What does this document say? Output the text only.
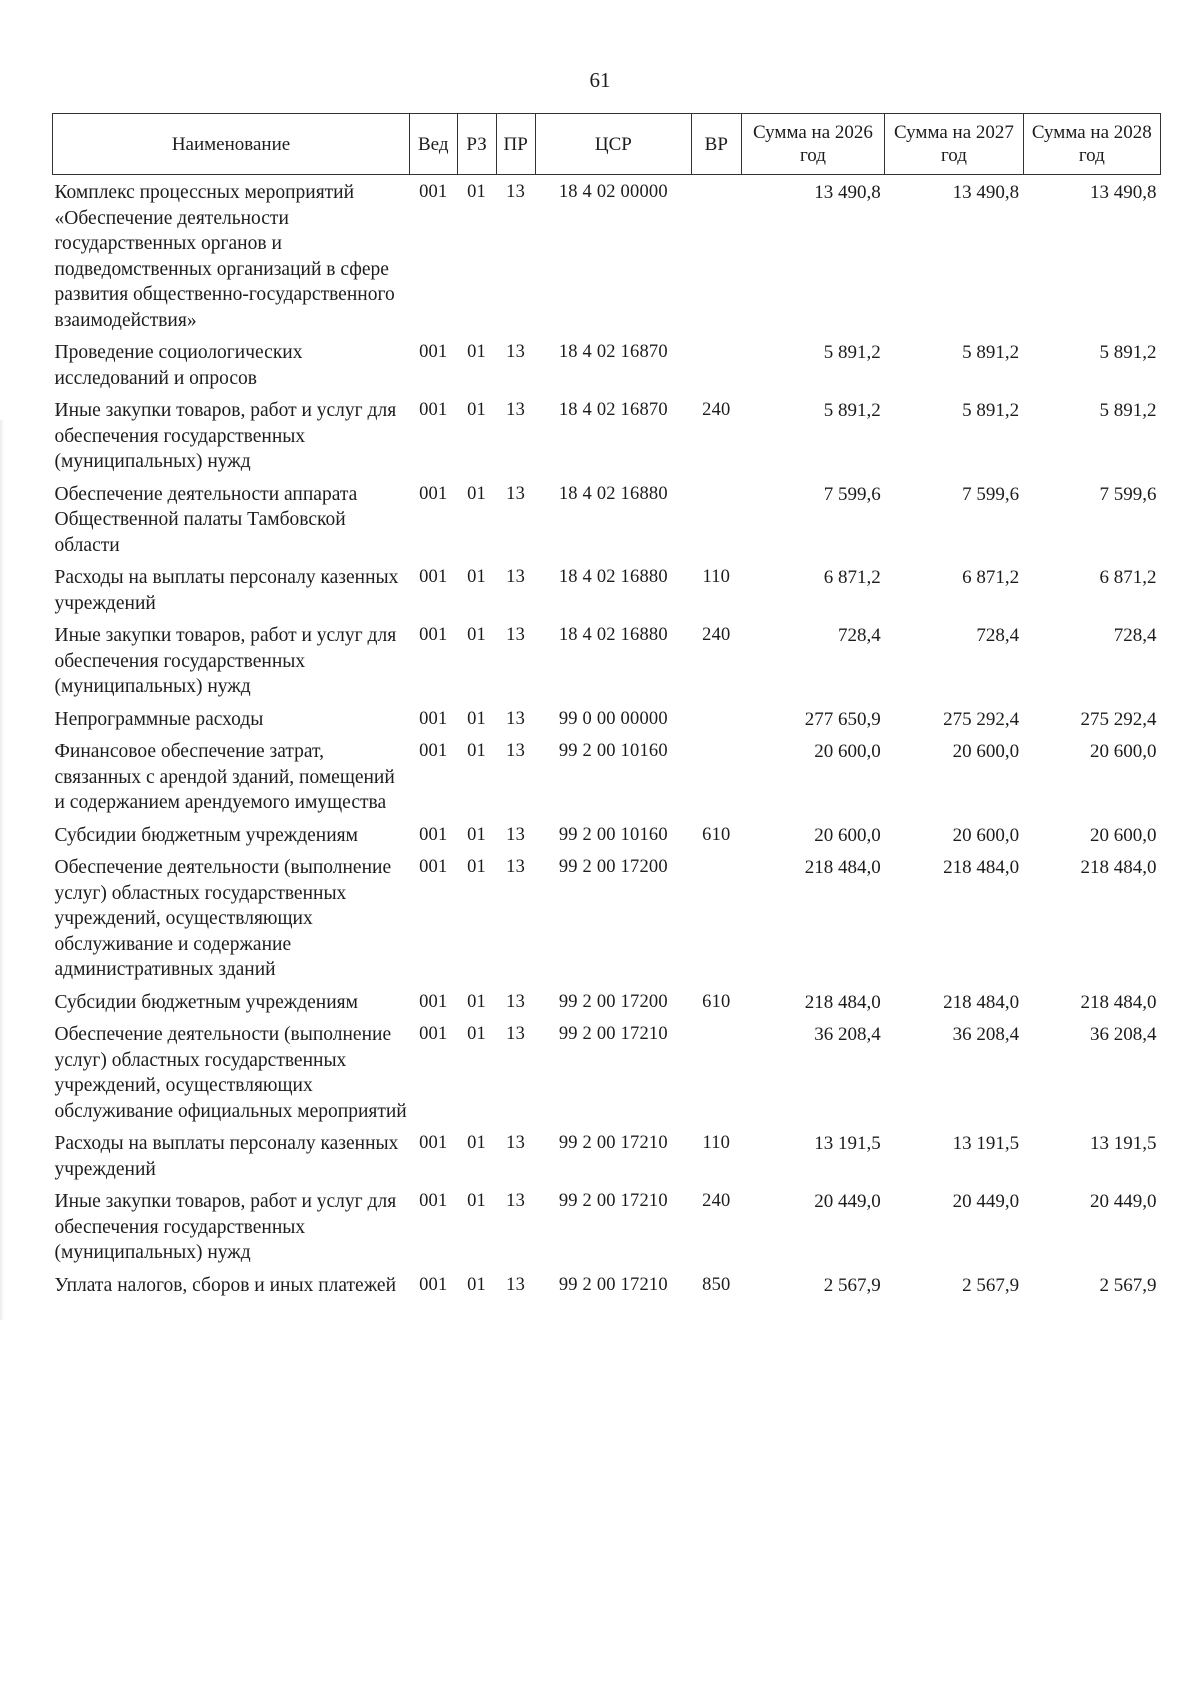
61
Наименование	Вед	РЗ	ПР	ЦСР	ВР	Сумма на 2026 год	Сумма на 2027 год	Сумма на 2028 год
Комплекс процессных мероприятий «Обеспечение деятельности государственных органов и подведомственных организаций в сфере развития общественно-государственного взаимодействия»	001	01	13	18 4 02 00000		13 490,8	13 490,8	13 490,8
Проведение социологических исследований и опросов	001	01	13	18 4 02 16870		5 891,2	5 891,2	5 891,2
Иные закупки товаров, работ и услуг для обеспечения государственных (муниципальных) нужд	001	01	13	18 4 02 16870	240	5 891,2	5 891,2	5 891,2
Обеспечение деятельности аппарата Общественной палаты Тамбовской области	001	01	13	18 4 02 16880		7 599,6	7 599,6	7 599,6
Расходы на выплаты персоналу казенных учреждений	001	01	13	18 4 02 16880	110	6 871,2	6 871,2	6 871,2
Иные закупки товаров, работ и услуг для обеспечения государственных (муниципальных) нужд	001	01	13	18 4 02 16880	240	728,4	728,4	728,4
Непрограммные расходы	001	01	13	99 0 00 00000		277 650,9	275 292,4	275 292,4
Финансовое обеспечение затрат, связанных с арендой зданий, помещений и содержанием арендуемого имущества	001	01	13	99 2 00 10160		20 600,0	20 600,0	20 600,0
Субсидии бюджетным учреждениям	001	01	13	99 2 00 10160	610	20 600,0	20 600,0	20 600,0
Обеспечение деятельности (выполнение услуг) областных государственных учреждений, осуществляющих обслуживание и содержание административных зданий	001	01	13	99 2 00 17200		218 484,0	218 484,0	218 484,0
Субсидии бюджетным учреждениям	001	01	13	99 2 00 17200	610	218 484,0	218 484,0	218 484,0
Обеспечение деятельности (выполнение услуг) областных государственных учреждений, осуществляющих обслуживание официальных мероприятий	001	01	13	99 2 00 17210		36 208,4	36 208,4	36 208,4
Расходы на выплаты персоналу казенных учреждений	001	01	13	99 2 00 17210	110	13 191,5	13 191,5	13 191,5
Иные закупки товаров, работ и услуг для обеспечения государственных (муниципальных) нужд	001	01	13	99 2 00 17210	240	20 449,0	20 449,0	20 449,0
Уплата налогов, сборов и иных платежей	001	01	13	99 2 00 17210	850	2 567,9	2 567,9	2 567,9
